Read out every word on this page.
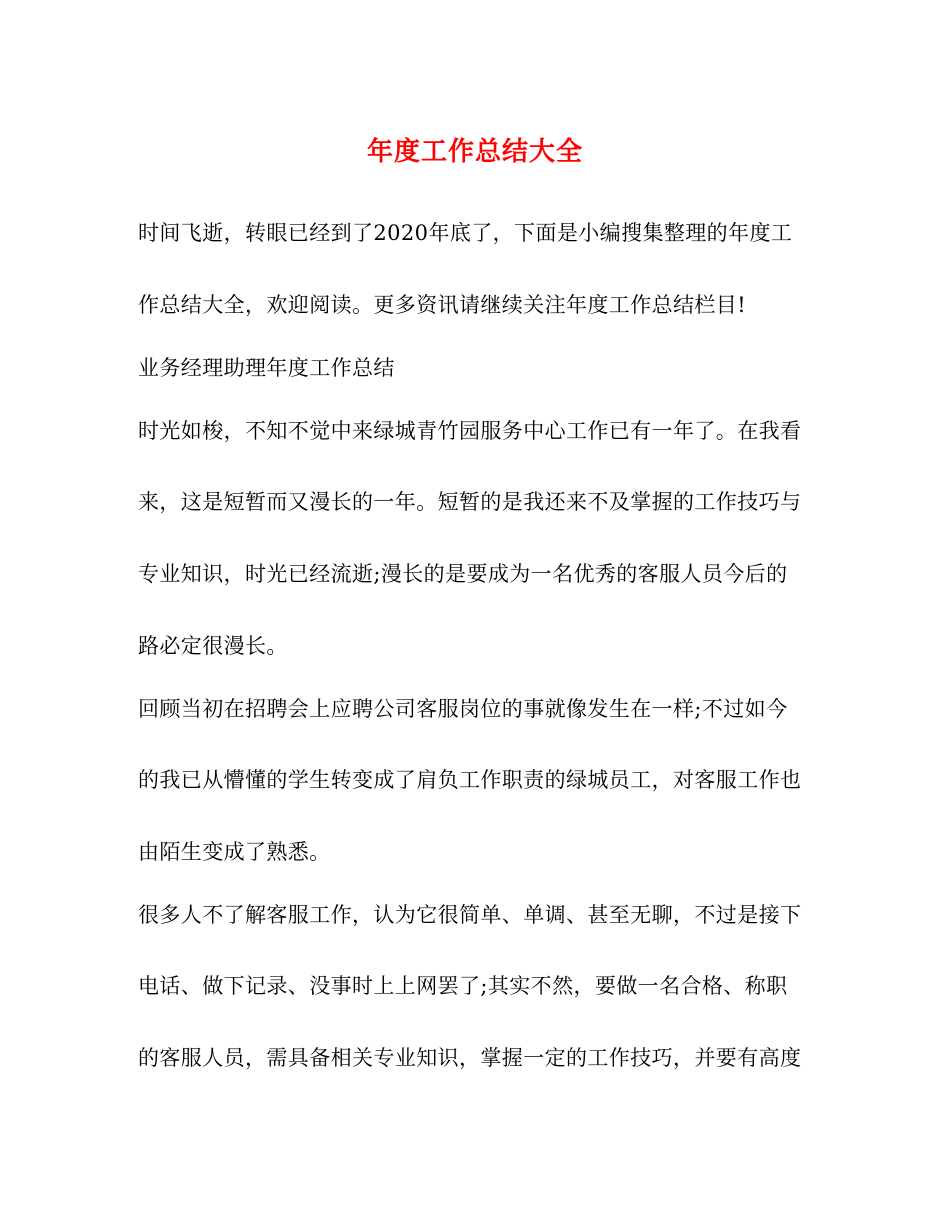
年度工作总结大全
时间飞逝，转眼已经到了2020年底了，下面是小编搜集整理的年度工
作总结大全，欢迎阅读。更多资讯请继续关注年度工作总结栏目!
业务经理助理年度工作总结
时光如梭，不知不觉中来绿城青竹园服务中心工作已有一年了。在我看
来，这是短暂而又漫长的一年。短暂的是我还来不及掌握的工作技巧与
专业知识，时光已经流逝;漫长的是要成为一名优秀的客服人员今后的
路必定很漫长。
回顾当初在招聘会上应聘公司客服岗位的事就像发生在一样;不过如今
的我已从懵懂的学生转变成了肩负工作职责的绿城员工，对客服工作也
由陌生变成了熟悉。
很多人不了解客服工作，认为它很简单、单调、甚至无聊，不过是接下
电话、做下记录、没事时上上网罢了;其实不然，要做一名合格、称职
的客服人员，需具备相关专业知识，掌握一定的工作技巧，并要有高度
